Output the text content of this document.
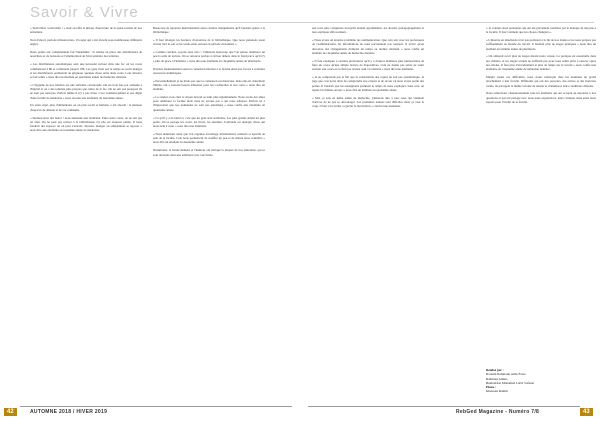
Savoir & Vivre

« Yeah rifka! wesh nhfet ! » était en effet la phrase d'ouverture de la quasi-totalité de nos entretiens.

Tout d'abord, parlons infrastructure. Un sujet qui a été abordé sous nombreuses différents angles.

Deux points ont complètement fait l'unanimité : la remise en place des distributeurs de nourriture et de boissons et l'amélioration de l'état sanitaire des toilettes.

« Les distributeurs automatiques sont une nécessité surtout dans une fac où les cours commencent à 8h et continuent jusqu'à 18h. Les gens n'ont pas le temps de sortir manger et les distributeurs permettent de grignoter quelque chose entre deux cours. Leur absence se fait sentir » nous dira un étudiant en quatrième année de médecine dentaire.

« L'hygiène de nos toilettes est une véritable catastrophe. On est trois fois par semaine à l'hôpital et on a des toilettes plus propres que celles de la fac. On ne sait pas pourquoi ils ne sont pas nettoyés. Parfois même il n'y a pas d'eau. C'est vraiment gênant et pas digne d'une faculté de médecine » nous raconte une étudiante de deuxième année.

Un autre sujet, plus d'alimentaire ou un plus social et humain, a été abordé : le manque d'espaces de détente et de vie commune.

« Donnez-nous des bancs ! nous demande une étudiante. Entre deux cours, on ne sait pas où aller. On ne peut pas réviser à la bibliothèque car elle est toujours pleine. Il nous faudrait des espaces où on peut s'asseoir, discuter, manger ou simplement se reposer » nous dira une étudiante en troisième année de médecine.

Beaucoup de réponses mentionnaient aussi certains changements qu'il faudrait opérer à la bibliothèque :

« Il faut allonger les horaires d'ouverture de la bibliothèque. Que nous puissions aussi réviser tard le soir et les week-ends, surtout en période d'examens ».

« Comme certains, soyons sans vélo ! J'aimerais beaucoup que l'on puisse améliorer un peu la salle de lecture. On se retrouve parfois à réviser dehors dans le froid parce qu'il n'y a plus de place à l'intérieur » nous dira une étudiante en cinquième année de pharmacie.

D'autres mentionnaient aussi la connexion internet à la faculté ainsi que l'accès à certaines ressources numériques.

« Personnellement je ne dirais pas que la connexion est mauvaise, mais elle est clairement limitée. On a souvent besoin d'internet pour nos recherches et nos cours » nous dira un étudiant.

« Le rendez-vous chez le doyen devrait se tenir plus régulièrement. Nous avons des idées pour améliorer la faculté mais nous ne savons pas à qui nous adresser. Parfois on a l'impression que nos demandes ne sont pas entendues » nous confie une étudiante en quatrième année.

« Ce qu'il y a de bien ici, c'est que les gens sont solidaires. Les plus grands aident les plus petits. On se partage les cours, les livres, les résumés. L'entraide est quelque chose qui nous tient à cœur » nous dira une étudiante.

« Nous aimerions aussi que l'on organise davantage d'événements culturels et sportifs au sein de la faculté. Cela nous permettrait de souffler un peu et de mieux nous connaître » nous dira un étudiant en deuxième année.

Néanmoins, la bonne humeur et l'humour ont marqué la plupart de nos entretiens, qui se sont déroulés dans une ambiance très conviviale.

aux tests plus complexes lorsqu'ils étaient appréhendés, les aborder pédagogiquement et leur expliquer efficacement.

« Nous avons un énorme problème de communication. Que cela soit avec les professeurs ou l'administration, les informations ne nous parviennent pas toujours. Il arrive qu'on découvre des changements d'emploi du temps au dernier moment » nous confie un étudiant de cinquième année de médecine dentaire.

« Il faut expliquer à certains professeurs qu'il y a d'autres manières plus intéressantes de faire un cours qu'une simple lecture de diapositives. Cela ne donne pas envie de venir assister aux cours et on finit par réviser seul à la maison » nous dira une étudiante.

« Je ne comprends pas le fait que la consultation des copies ne soit pas systématique. Je juge que c'est notre droit de comprendre nos erreurs et de savoir où nous avons perdu des points. Il faudrait que les enseignants prennent le temps de nous expliquer. Sans cela, on répète les mêmes erreurs » nous dira un étudiant en quatrième année.

« Moi, je suis en 4ème année de médecine, j'aimerais dire à tous ceux qui viennent d'arriver de ne pas se décourager. Les premières années sont difficiles mais ça vaut le coup. Il faut s'accrocher et garder la motivation » conclut une étudiante.

« Je connais deux personnes qui ont été gravement touchées par le manque de moyens à la faculté. Il faut vraiment que les choses changent ».

« L'internat en pharmacie n'est pas pertinent à la fin de nos études et ne nous prépare pas suffisamment au monde du travail. Il faudrait plus de stages pratiques » nous dira un étudiant en sixième année de pharmacie.

« On aimerait avoir plus de stages durant notre cursus. La pratique est essentielle dans nos métiers, et les stages actuels ne suffisent pas pour nous sentir prêts à exercer après nos études. Il faut plus d'encadrement et plus de temps sur le terrain » nous confie une étudiante en cinquième année de médecine dentaire.

Malgré toutes ces difficultés, nous avons remarqué chez les étudiants un grand attachement à leur faculté. Différents qui ont des parcours, des envies et des horizons variés, ils partagent la même volonté de réussir et d'améliorer leurs conditions d'études.

Nous remercions chaleureusement tous les étudiants qui ont accepté de répondre à nos questions et qui ont partagé avec nous leurs expériences, leurs critiques mais aussi leurs espoirs pour l'avenir de la faculté.

Réalisé par :
Rouaibi Rahmoun Amir Fares
Rahmani Amina
Benhaddou Mohamed Larbi Sofiane
Photo :
Khelaoui Rahim
42	AUTOMNE 2018 / HIVER 2019	RebGed Magazine - Numéro 7/8	43
